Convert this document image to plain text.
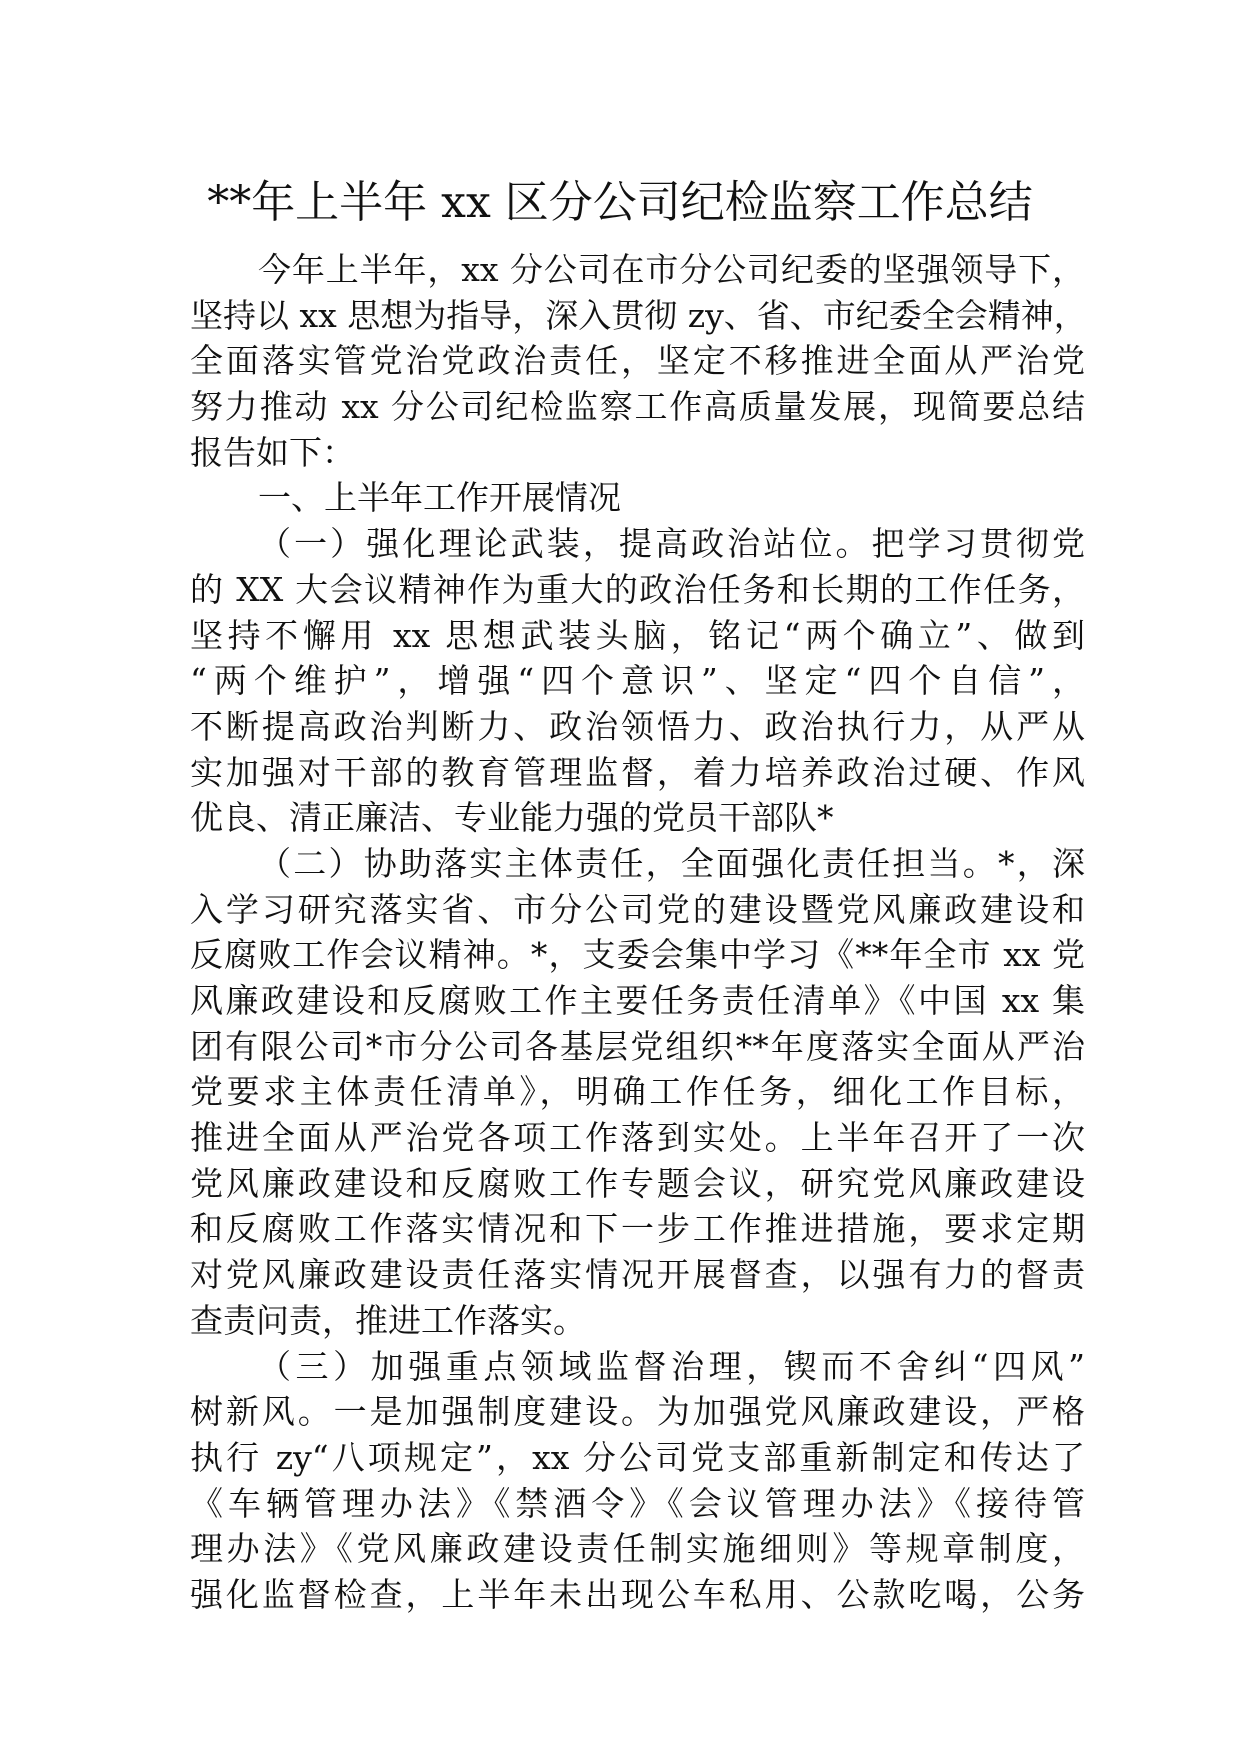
**年上半年 xx 区分公司纪检监察工作总结
今年上半年，xx 分公司在市分公司纪委的坚强领导下，
坚持以 xx 思想为指导，深入贯彻 zy、省、市纪委全会精神，
全面落实管党治党政治责任，坚定不移推进全面从严治党
努力推动 xx 分公司纪检监察工作高质量发展，现简要总结
报告如下：
一、上半年工作开展情况
（一）强化理论武装，提高政治站位。把学习贯彻党
的 XX 大会议精神作为重大的政治任务和长期的工作任务，
坚持不懈用 xx 思想武装头脑，铭记“两个确立”、做到
“两个维护”，增强“四个意识”、坚定“四个自信”，
不断提高政治判断力、政治领悟力、政治执行力，从严从
实加强对干部的教育管理监督，着力培养政治过硬、作风
优良、清正廉洁、专业能力强的党员干部队*
（二）协助落实主体责任，全面强化责任担当。*，深
入学习研究落实省、市分公司党的建设暨党风廉政建设和
反腐败工作会议精神。*，支委会集中学习《**年全市 xx 党
风廉政建设和反腐败工作主要任务责任清单》《中国 xx 集
团有限公司*市分公司各基层党组织**年度落实全面从严治
党要求主体责任清单》，明确工作任务，细化工作目标，
推进全面从严治党各项工作落到实处。上半年召开了一次
党风廉政建设和反腐败工作专题会议，研究党风廉政建设
和反腐败工作落实情况和下一步工作推进措施，要求定期
对党风廉政建设责任落实情况开展督查，以强有力的督责
查责问责，推进工作落实。
（三）加强重点领域监督治理，锲而不舍纠“四风”
树新风。一是加强制度建设。为加强党风廉政建设，严格
执行 zy“八项规定”，xx 分公司党支部重新制定和传达了
《车辆管理办法》《禁酒令》《会议管理办法》《接待管
理办法》《党风廉政建设责任制实施细则》等规章制度，
强化监督检查，上半年未出现公车私用、公款吃喝，公务
